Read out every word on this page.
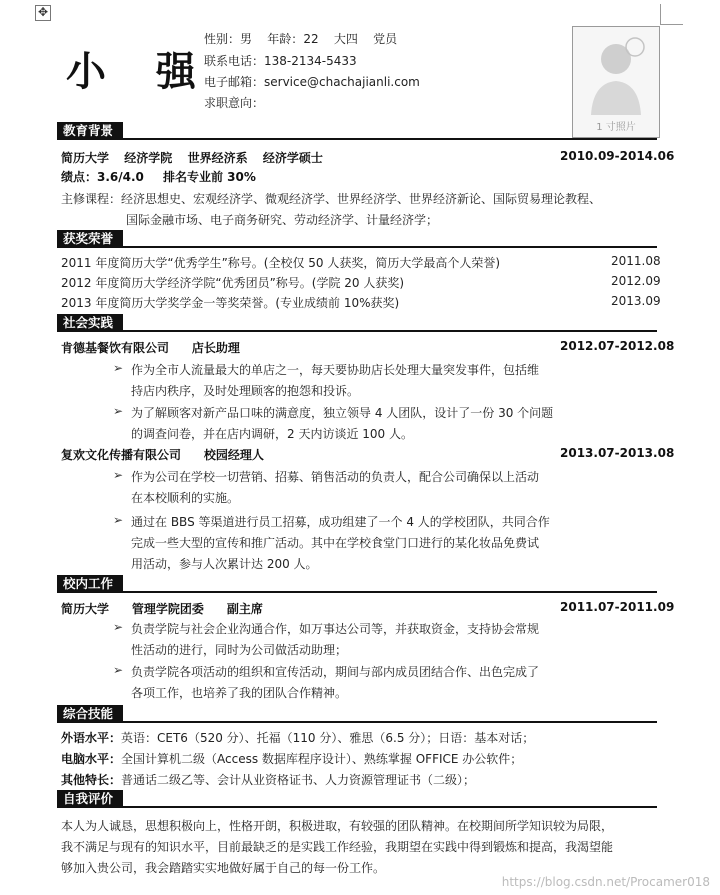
✥
小 强
性别：男 年龄：22 大四 党员
联系电话：138-2134-5433
电子邮箱：service@chachajianli.com
求职意向：
1 寸照片
教育背景
简历大学 经济学院 世界经济系 经济学硕士	2010.09-2014.06
绩点：3.6/4.0 排名专业前 30%
主修课程：经济思想史、宏观经济学、微观经济学、世界经济学、世界经济新论、国际贸易理论教程、
国际金融市场、电子商务研究、劳动经济学、计量经济学；
获奖荣誉
2011 年度简历大学“优秀学生”称号。(全校仅 50 人获奖，简历大学最高个人荣誉)	2011.08
2012 年度简历大学经济学院“优秀团员”称号。(学院 20 人获奖)	2012.09
2013 年度简历大学奖学金一等奖荣誉。(专业成绩前 10%获奖)	2013.09
社会实践
肯德基餐饮有限公司 店长助理	2012.07-2012.08
➢ 作为全市人流量最大的单店之一，每天要协助店长处理大量突发事件，包括维
持店内秩序，及时处理顾客的抱怨和投诉。
➢ 为了解顾客对新产品口味的满意度，独立领导 4 人团队，设计了一份 30 个问题
的调查问卷，并在店内调研，2 天内访谈近 100 人。
复欢文化传播有限公司 校园经理人	2013.07-2013.08
➢ 作为公司在学校一切营销、招募、销售活动的负责人，配合公司确保以上活动
在本校顺利的实施。
➢ 通过在 BBS 等渠道进行员工招募，成功组建了一个 4 人的学校团队，共同合作
完成一些大型的宣传和推广活动。其中在学校食堂门口进行的某化妆品免费试
用活动，参与人次累计达 200 人。
校内工作
简历大学 管理学院团委 副主席	2011.07-2011.09
➢ 负责学院与社会企业沟通合作，如万事达公司等，并获取资金，支持协会常规
性活动的进行，同时为公司做活动助理；
➢ 负责学院各项活动的组织和宣传活动，期间与部内成员团结合作、出色完成了
各项工作，也培养了我的团队合作精神。
综合技能
外语水平：英语：CET6（520 分）、托福（110 分）、雅思（6.5 分）；日语：基本对话；
电脑水平：全国计算机二级（Access 数据库程序设计）、熟练掌握 OFFICE 办公软件；
其他特长：普通话二级乙等、会计从业资格证书、人力资源管理证书（二级）；
自我评价
本人为人诚恳，思想积极向上，性格开朗，积极进取，有较强的团队精神。在校期间所学知识较为局限，
我不满足与现有的知识水平，目前最缺乏的是实践工作经验，我期望在实践中得到锻炼和提高，我渴望能
够加入贵公司，我会踏踏实实地做好属于自己的每一份工作。
https://blog.csdn.net/Procamer018
